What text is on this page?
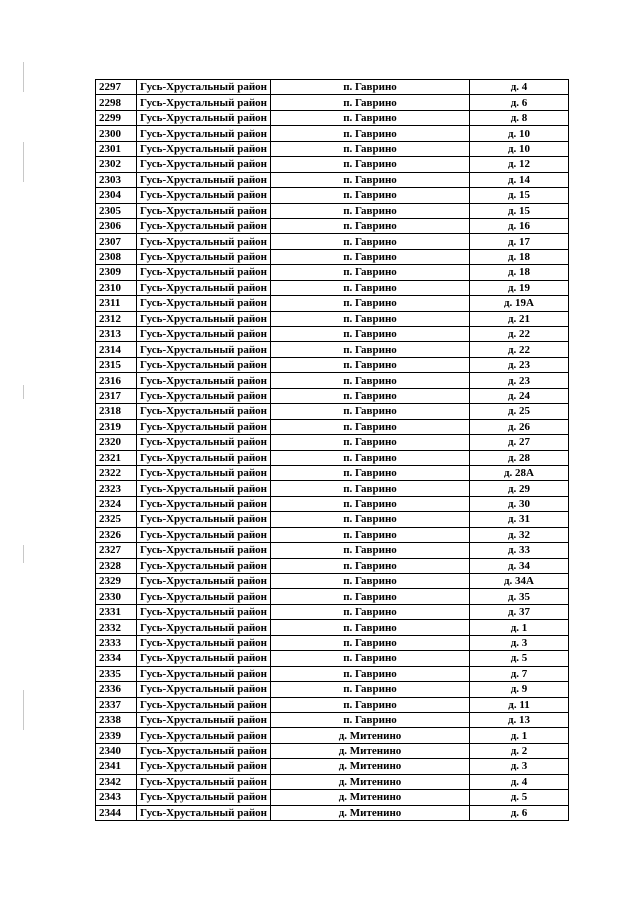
2297	Гусь-Хрустальный район	п. Гаврино	д. 4
2298	Гусь-Хрустальный район	п. Гаврино	д. 6
2299	Гусь-Хрустальный район	п. Гаврино	д. 8
2300	Гусь-Хрустальный район	п. Гаврино	д. 10
2301	Гусь-Хрустальный район	п. Гаврино	д. 10
2302	Гусь-Хрустальный район	п. Гаврино	д. 12
2303	Гусь-Хрустальный район	п. Гаврино	д. 14
2304	Гусь-Хрустальный район	п. Гаврино	д. 15
2305	Гусь-Хрустальный район	п. Гаврино	д. 15
2306	Гусь-Хрустальный район	п. Гаврино	д. 16
2307	Гусь-Хрустальный район	п. Гаврино	д. 17
2308	Гусь-Хрустальный район	п. Гаврино	д. 18
2309	Гусь-Хрустальный район	п. Гаврино	д. 18
2310	Гусь-Хрустальный район	п. Гаврино	д. 19
2311	Гусь-Хрустальный район	п. Гаврино	д. 19А
2312	Гусь-Хрустальный район	п. Гаврино	д. 21
2313	Гусь-Хрустальный район	п. Гаврино	д. 22
2314	Гусь-Хрустальный район	п. Гаврино	д. 22
2315	Гусь-Хрустальный район	п. Гаврино	д. 23
2316	Гусь-Хрустальный район	п. Гаврино	д. 23
2317	Гусь-Хрустальный район	п. Гаврино	д. 24
2318	Гусь-Хрустальный район	п. Гаврино	д. 25
2319	Гусь-Хрустальный район	п. Гаврино	д. 26
2320	Гусь-Хрустальный район	п. Гаврино	д. 27
2321	Гусь-Хрустальный район	п. Гаврино	д. 28
2322	Гусь-Хрустальный район	п. Гаврино	д. 28А
2323	Гусь-Хрустальный район	п. Гаврино	д. 29
2324	Гусь-Хрустальный район	п. Гаврино	д. 30
2325	Гусь-Хрустальный район	п. Гаврино	д. 31
2326	Гусь-Хрустальный район	п. Гаврино	д. 32
2327	Гусь-Хрустальный район	п. Гаврино	д. 33
2328	Гусь-Хрустальный район	п. Гаврино	д. 34
2329	Гусь-Хрустальный район	п. Гаврино	д. 34А
2330	Гусь-Хрустальный район	п. Гаврино	д. 35
2331	Гусь-Хрустальный район	п. Гаврино	д. 37
2332	Гусь-Хрустальный район	п. Гаврино	д. 1
2333	Гусь-Хрустальный район	п. Гаврино	д. 3
2334	Гусь-Хрустальный район	п. Гаврино	д. 5
2335	Гусь-Хрустальный район	п. Гаврино	д. 7
2336	Гусь-Хрустальный район	п. Гаврино	д. 9
2337	Гусь-Хрустальный район	п. Гаврино	д. 11
2338	Гусь-Хрустальный район	п. Гаврино	д. 13
2339	Гусь-Хрустальный район	д. Митенино	д. 1
2340	Гусь-Хрустальный район	д. Митенино	д. 2
2341	Гусь-Хрустальный район	д. Митенино	д. 3
2342	Гусь-Хрустальный район	д. Митенино	д. 4
2343	Гусь-Хрустальный район	д. Митенино	д. 5
2344	Гусь-Хрустальный район	д. Митенино	д. 6
